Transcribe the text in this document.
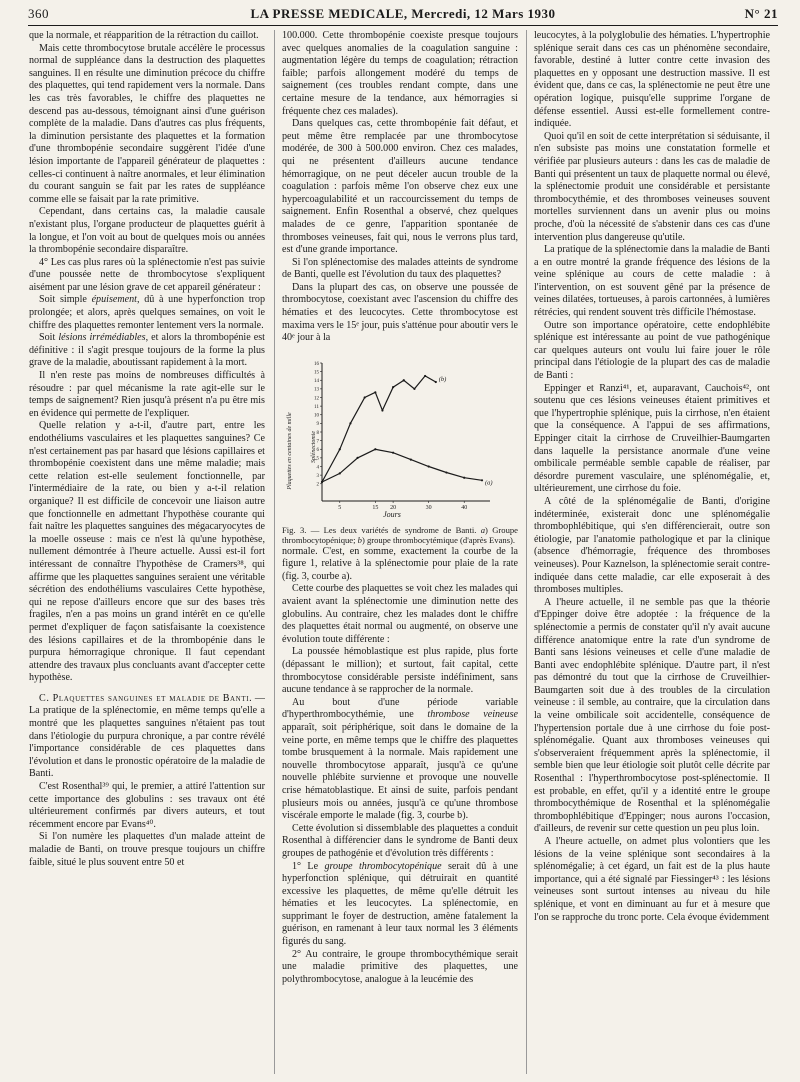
360	LA PRESSE MEDICALE, Mercredi, 12 Mars 1930	N° 21

que la normale, et réapparition de la rétraction du caillot.

Mais cette thrombocytose brutale accélère le processus normal de suppléance dans la destruction des plaquettes sanguines. Il en résulte une diminution précoce du chiffre des plaquettes, qui tend rapidement vers la normale. Dans les cas très favorables, le chiffre des plaquettes ne descend pas au-dessous, témoignant ainsi d'une guérison complète de la maladie. Dans d'autres cas plus fréquents, la diminution persistante des plaquettes et la formation d'une thrombopénie secondaire suggèrent l'idée d'une lésion importante de l'appareil générateur de plaquettes : celles-ci continuent à naître anormales, et leur élimination du courant sanguin se fait par les rates de suppléance comme elle se faisait par la rate primitive.

Cependant, dans certains cas, la maladie causale n'existant plus, l'organe producteur de plaquettes guérit à la longue, et l'on voit au bout de quelques mois ou années la thrombopénie secondaire disparaître.

4° Les cas plus rares où la splénectomie n'est pas suivie d'une poussée nette de thrombocytose s'expliquent aisément par une lésion grave de cet appareil générateur :

Soit simple épuisement, dû à une hyperfonction trop prolongée; et alors, après quelques semaines, on voit le chiffre des plaquettes remonter lentement vers la normale.

Soit lésions irrémédiables, et alors la thrombopénie est définitive : il s'agit presque toujours de la forme la plus grave de la maladie, aboutissant rapidement à la mort.

Il n'en reste pas moins de nombreuses difficultés à résoudre : par quel mécanisme la rate agit-elle sur le temps de saignement? Rien jusqu'à présent n'a pu être mis en évidence qui permette de l'expliquer.

Quelle relation y a-t-il, d'autre part, entre les endothéliums vasculaires et les plaquettes sanguines? Ce n'est certainement pas par hasard que lésions capillaires et thrombopénie coexistent dans une même maladie; mais cette relation est-elle seulement fonctionnelle, par l'intermédiaire de la rate, ou bien y a-t-il relation organique? Il est difficile de concevoir une liaison autre que fonctionnelle en admettant l'hypothèse courante qui fait naître les plaquettes sanguines des mégacaryocytes de la moelle osseuse : mais ce n'est là qu'une hypothèse, nullement démontrée à l'heure actuelle. Aussi est-il fort intéressant de connaître l'hypothèse de Cramers³⁸, qui affirme que les plaquettes sanguines seraient une véritable sécrétion des endothéliums vasculaires Cette hypothèse, qui ne repose d'ailleurs encore que sur des bases très fragiles, n'en a pas moins un grand intérêt en ce qu'elle permet d'expliquer de façon satisfaisante la coexistence des lésions capillaires et de la thrombopénie dans le purpura hémorragique chronique. Il faut cependant attendre des travaux plus concluants avant d'accepter cette hypothèse.

C. Plaquettes sanguines et maladie de Banti. — La pratique de la splénectomie, en même temps qu'elle a montré que les plaquettes sanguines n'étaient pas tout dans l'étiologie du purpura chronique, a par contre révélé l'importance considérable de ces plaquettes dans l'évolution et dans le pronostic opératoire de la maladie de Banti.

C'est Rosenthal³⁹ qui, le premier, a attiré l'attention sur cette importance des globulins : ses travaux ont été ultérieurement confirmés par divers auteurs, et tout récemment encore par Evans⁴⁰.

Si l'on numère les plaquettes d'un malade atteint de maladie de Banti, on trouve presque toujours un chiffre faible, situé le plus souvent entre 50 et

100.000. Cette thrombopénie coexiste presque toujours avec quelques anomalies de la coagulation sanguine : augmentation légère du temps de coagulation; rétraction faible; parfois allongement modéré du temps de saignement (ces troubles rendant compte, dans une certaine mesure de la tendance, aux hémorragies si fréquente chez ces malades).

Dans quelques cas, cette thrombopénie fait défaut, et peut même être remplacée par une thrombocytose modérée, de 300 à 500.000 environ. Chez ces malades, qui ne présentent d'ailleurs aucune tendance hémorragique, on ne peut déceler aucun trouble de la coagulation : parfois même l'on observe chez eux une hypercoagulabilité et un raccourcissement du temps de saignement. Enfin Rosenthal a observé, chez quelques malades de ce genre, l'apparition spontanée de thromboses veineuses, fait qui, nous le verrons plus tard, est d'une grande importance.

Si l'on splénectomise des malades atteints de syndrome de Banti, quelle est l'évolution du taux des plaquettes?

Dans la plupart des cas, on observe une poussée de thrombocytose, coexistant avec l'ascension du chiffre des hématies et des leucocytes. Cette thrombocytose est maxima vers le 15ᵉ jour, puis s'atténue pour aboutir vers le 40ᵉ jour à la

2
3
4
5
6
7
8
9
10
11
12
13
14
15
16
5	15 20	30	40
(a)
(b)
Plaquettes en centaines de mille	Splénectomie
Jours

Fig. 3. — Les deux variétés de syndrome de Banti. a) Groupe thrombocytopénique; b) groupe thrombocytémique (d'après Evans).

normale. C'est, en somme, exactement la courbe de la figure 1, relative à la splénectomie pour plaie de la rate (fig. 3, courbe a).

Cette courbe des plaquettes se voit chez les malades qui avaient avant la splénectomie une diminution nette des globulins. Au contraire, chez les malades dont le chiffre des plaquettes était normal ou augmenté, on observe une évolution toute différente :

La poussée hémoblastique est plus rapide, plus forte (dépassant le million); et surtout, fait capital, cette thrombocytose considérable persiste indéfiniment, sans aucune tendance à se rapprocher de la normale.

Au bout d'une période variable d'hyperthrombocythémie, une thrombose veineuse apparaît, soit périphérique, soit dans le domaine de la veine porte, en même temps que le chiffre des plaquettes tombe brusquement à la normale. Mais rapidement une nouvelle thrombocytose apparaît, jusqu'à ce qu'une nouvelle phlébite survienne et provoque une nouvelle crise hématoblastique. Et ainsi de suite, parfois pendant plusieurs mois ou années, jusqu'à ce qu'une thrombose viscérale emporte le malade (fig. 3, courbe b).

Cette évolution si dissemblable des plaquettes a conduit Rosenthal à différencier dans le syndrome de Banti deux groupes de pathogénie et d'évolution très différents :

1° Le groupe thrombocytopénique serait dû à une hyperfonction splénique, qui détruirait en quantité excessive les plaquettes, de même qu'elle détruit les hématies et les leucocytes. La splénectomie, en supprimant le foyer de destruction, amène fatalement la guérison, en ramenant à leur taux normal les 3 éléments figurés du sang.

2° Au contraire, le groupe thrombocythémique serait une maladie primitive des plaquettes, une polythrombocytose, analogue à la leucémie des

leucocytes, à la polyglobulie des hématies. L'hypertrophie splénique serait dans ces cas un phénomène secondaire, favorable, destiné à lutter contre cette invasion des plaquettes en y opposant une destruction massive. Il est évident que, dans ce cas, la splénectomie ne peut être une opération logique, puisqu'elle supprime l'organe de défense essentiel. Aussi est-elle formellement contre-indiquée.

Quoi qu'il en soit de cette interprétation si séduisante, il n'en subsiste pas moins une constatation formelle et vérifiée par plusieurs auteurs : dans les cas de maladie de Banti qui présentent un taux de plaquette normal ou élevé, la splénectomie produit une considérable et persistante thrombocythémie, et des thromboses veineuses souvent mortelles surviennent dans un avenir plus ou moins proche, d'où la nécessité de s'abstenir dans ces cas d'une intervention plus dangereuse qu'utile.

La pratique de la splénectomie dans la maladie de Banti a en outre montré la grande fréquence des lésions de la veine splénique au cours de cette maladie : à l'intervention, on est souvent gêné par la présence de veines dilatées, tortueuses, à parois cartonnées, à lumières rétrécies, qui rendent souvent très difficile l'hémostase.

Outre son importance opératoire, cette endophlébite splénique est intéressante au point de vue pathogénique car quelques auteurs ont voulu lui faire jouer le rôle principal dans l'étiologie de la plupart des cas de maladie de Banti :

Eppinger et Ranzi⁴¹, et, auparavant, Cauchois⁴², ont soutenu que ces lésions veineuses étaient primitives et que l'hypertrophie splénique, puis la cirrhose, n'en étaient que la conséquence. A l'appui de ses affirmations, Eppinger citait la cirrhose de Cruveilhier-Baumgarten dans laquelle la persistance anormale d'une veine ombilicale perméable semble capable de réaliser, par désordre purement vasculaire, une splénomégalie, et, ultérieurement, une cirrhose du foie.

A côté de la splénomégalie de Banti, d'origine indéterminée, existerait donc une splénomégalie thrombophlébitique, qui s'en différencierait, outre son étiologie, par l'anatomie pathologique et par la clinique (absence d'hémorragie, fréquence des thromboses veineuses). Pour Kaznelson, la splénectomie serait contre-indiquée dans cette maladie, car elle exposerait à des thromboses multiples.

A l'heure actuelle, il ne semble pas que la théorie d'Eppinger doive être adoptée : la fréquence de la splénectomie a permis de constater qu'il n'y avait aucune différence anatomique entre la rate d'un syndrome de Banti sans lésions veineuses et celle d'une maladie de Banti avec endophlébite splénique. D'autre part, il n'est pas démontré du tout que la cirrhose de Cruveilhier-Baumgarten soit due à des troubles de la circulation veineuse : il semble, au contraire, que la circulation dans la veine ombilicale soit accidentelle, conséquence de l'hypertension portale due à une cirrhose du foie post-splénomégalie. Quant aux thromboses veineuses qui s'observeraient fréquemment après la splénectomie, il semble bien que leur étiologie soit plutôt celle décrite par Rosenthal : l'hyperthrombocytose post-splénectomie. Il est probable, en effet, qu'il y a identité entre le groupe thrombocythémique de Rosenthal et la splénomégalie thrombophlébitique d'Eppinger; nous aurons l'occasion, d'ailleurs, de revenir sur cette question un peu plus loin.

A l'heure actuelle, on admet plus volontiers que les lésions de la veine splénique sont secondaires à la splénomégalie; à cet égard, un fait est de la plus haute importance, qui a été signalé par Fiessinger⁴³ : les lésions veineuses sont surtout intenses au niveau du hile splénique, et vont en diminuant au fur et à mesure que l'on se rapproche du tronc porte. Cela évoque évidemment
